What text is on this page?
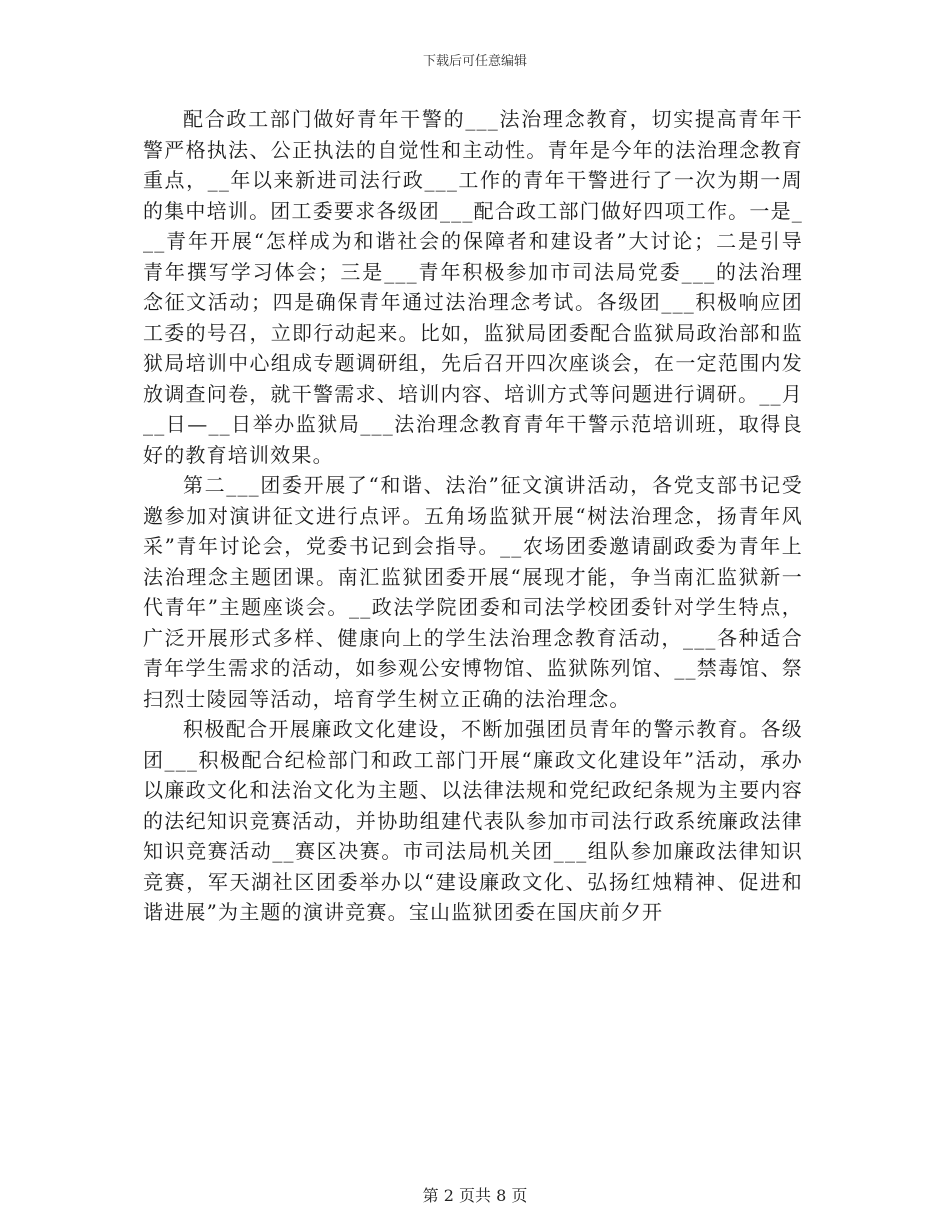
下载后可任意编辑

配合政工部门做好青年干警的___法治理念教育，切实提高青年干警严格执法、公正执法的自觉性和主动性。青年是今年的法治理念教育重点，__年以来新进司法行政___工作的青年干警进行了一次为期一周的集中培训。团工委要求各级团___配合政工部门做好四项工作。一是___青年开展“怎样成为和谐社会的保障者和建设者”大讨论；二是引导青年撰写学习体会；三是___青年积极参加市司法局党委___的法治理念征文活动；四是确保青年通过法治理念考试。各级团___积极响应团工委的号召，立即行动起来。比如，监狱局团委配合监狱局政治部和监狱局培训中心组成专题调研组，先后召开四次座谈会，在一定范围内发放调查问卷，就干警需求、培训内容、培训方式等问题进行调研。__月__日—__日举办监狱局___法治理念教育青年干警示范培训班，取得良好的教育培训效果。

第二___团委开展了“和谐、法治”征文演讲活动，各党支部书记受邀参加对演讲征文进行点评。五角场监狱开展“树法治理念，扬青年风采”青年讨论会，党委书记到会指导。__农场团委邀请副政委为青年上法治理念主题团课。南汇监狱团委开展“展现才能，争当南汇监狱新一代青年”主题座谈会。__政法学院团委和司法学校团委针对学生特点，广泛开展形式多样、健康向上的学生法治理念教育活动，___各种适合青年学生需求的活动，如参观公安博物馆、监狱陈列馆、__禁毒馆、祭扫烈士陵园等活动，培育学生树立正确的法治理念。

积极配合开展廉政文化建设，不断加强团员青年的警示教育。各级团___积极配合纪检部门和政工部门开展“廉政文化建设年”活动，承办以廉政文化和法治文化为主题、以法律法规和党纪政纪条规为主要内容的法纪知识竞赛活动，并协助组建代表队参加市司法行政系统廉政法律知识竞赛活动__赛区决赛。市司法局机关团___组队参加廉政法律知识竞赛，军天湖社区团委举办以“建设廉政文化、弘扬红烛精神、促进和谐进展”为主题的演讲竞赛。宝山监狱团委在国庆前夕开

第 2 页共 8 页
